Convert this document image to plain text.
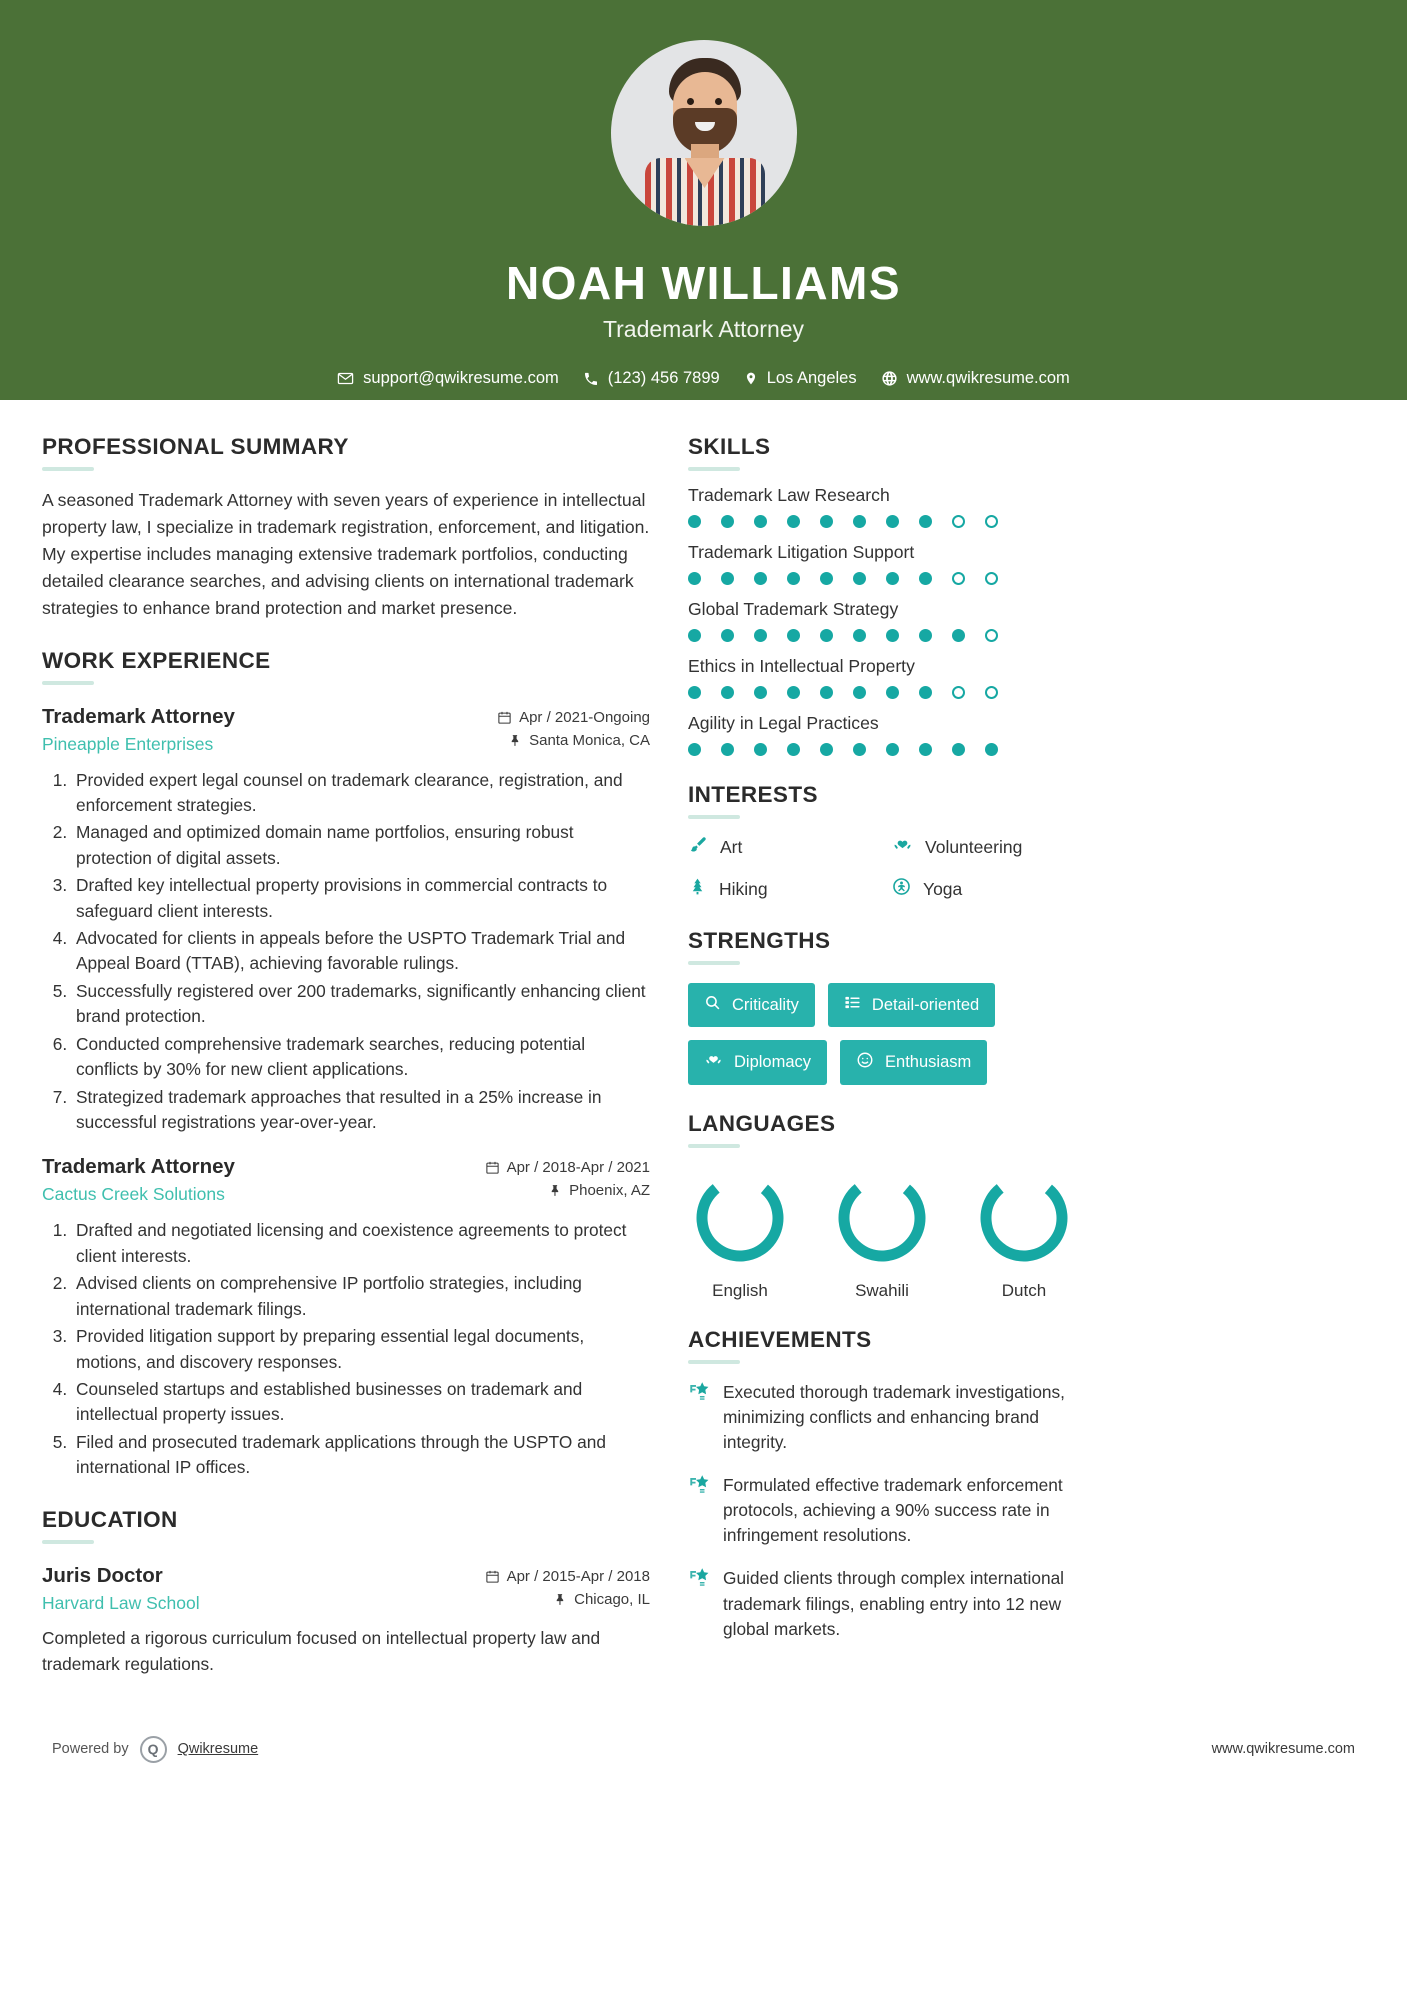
NOAH WILLIAMS
Trademark Attorney
support@qwikresume.com	(123) 456 7899	Los Angeles	www.qwikresume.com
PROFESSIONAL SUMMARY
A seasoned Trademark Attorney with seven years of experience in intellectual property law, I specialize in trademark registration, enforcement, and litigation. My expertise includes managing extensive trademark portfolios, conducting detailed clearance searches, and advising clients on international trademark strategies to enhance brand protection and market presence.
WORK EXPERIENCE
Trademark Attorney
Pineapple Enterprises
Apr / 2021-Ongoing
Santa Monica, CA
1. Provided expert legal counsel on trademark clearance, registration, and enforcement strategies.
2. Managed and optimized domain name portfolios, ensuring robust protection of digital assets.
3. Drafted key intellectual property provisions in commercial contracts to safeguard client interests.
4. Advocated for clients in appeals before the USPTO Trademark Trial and Appeal Board (TTAB), achieving favorable rulings.
5. Successfully registered over 200 trademarks, significantly enhancing client brand protection.
6. Conducted comprehensive trademark searches, reducing potential conflicts by 30% for new client applications.
7. Strategized trademark approaches that resulted in a 25% increase in successful registrations year-over-year.
Trademark Attorney
Cactus Creek Solutions
Apr / 2018-Apr / 2021
Phoenix, AZ
1. Drafted and negotiated licensing and coexistence agreements to protect client interests.
2. Advised clients on comprehensive IP portfolio strategies, including international trademark filings.
3. Provided litigation support by preparing essential legal documents, motions, and discovery responses.
4. Counseled startups and established businesses on trademark and intellectual property issues.
5. Filed and prosecuted trademark applications through the USPTO and international IP offices.
EDUCATION
Juris Doctor
Harvard Law School
Apr / 2015-Apr / 2018
Chicago, IL
Completed a rigorous curriculum focused on intellectual property law and trademark regulations.
SKILLS
Trademark Law Research
Trademark Litigation Support
Global Trademark Strategy
Ethics in Intellectual Property
Agility in Legal Practices
INTERESTS
Art	Volunteering
Hiking	Yoga
STRENGTHS
Criticality	Detail-oriented
Diplomacy	Enthusiasm
LANGUAGES
English	Swahili	Dutch
ACHIEVEMENTS
Executed thorough trademark investigations, minimizing conflicts and enhancing brand integrity.
Formulated effective trademark enforcement protocols, achieving a 90% success rate in infringement resolutions.
Guided clients through complex international trademark filings, enabling entry into 12 new global markets.
Powered by	Q	Qwikresume	www.qwikresume.com
